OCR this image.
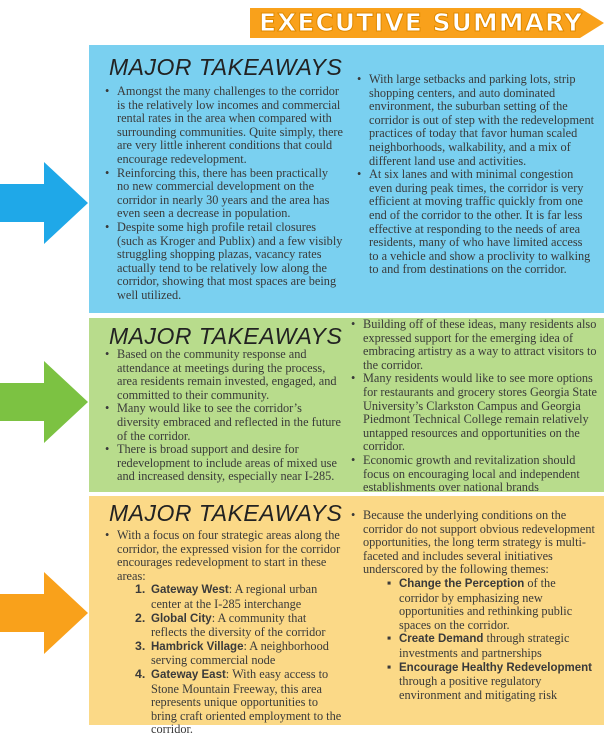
EXECUTIVE SUMMARY
MAJOR TAKEAWAYS
• Amongst the many challenges to the corridor is the relatively low incomes and commercial rental rates in the area when compared with surrounding communities. Quite simply, there are very little inherent conditions that could encourage redevelopment.
• Reinforcing this, there has been practically no new commercial development on the corridor in nearly 30 years and the area has even seen a decrease in population.
• Despite some high profile retail closures (such as Kroger and Publix) and a few visibly struggling shopping plazas, vacancy rates actually tend to be relatively low along the corridor, showing that most spaces are being well utilized.
• With large setbacks and parking lots, strip shopping centers, and auto dominated environment, the suburban setting of the corridor is out of step with the redevelopment practices of today that favor human scaled neighborhoods, walkability, and a mix of different land use and activities.
• At six lanes and with minimal congestion even during peak times, the corridor is very efficient at moving traffic quickly from one end of the corridor to the other. It is far less effective at responding to the needs of area residents, many of who have limited access to a vehicle and show a proclivity to walking to and from destinations on the corridor.
MAJOR TAKEAWAYS
• Based on the community response and attendance at meetings during the process, area residents remain invested, engaged, and committed to their community.
• Many would like to see the corridor’s diversity embraced and reflected in the future of the corridor.
• There is broad support and desire for redevelopment to include areas of mixed use and increased density, especially near I-285.
• Building off of these ideas, many residents also expressed support for the emerging idea of embracing artistry as a way to attract visitors to the corridor.
• Many residents would like to see more options for restaurants and grocery stores Georgia State University’s Clarkston Campus and Georgia Piedmont Technical College remain relatively untapped resources and opportunities on the corridor.
• Economic growth and revitalization should focus on encouraging local and independent establishments over national brands
MAJOR TAKEAWAYS
• With a focus on four strategic areas along the corridor, the expressed vision for the corridor encourages redevelopment to start in these areas:
1. Gateway West: A regional urban center at the I-285 interchange
2. Global City: A community that reflects the diversity of the corridor
3. Hambrick Village: A neighborhood serving commercial node
4. Gateway East: With easy access to Stone Mountain Freeway, this area represents unique opportunities to bring craft oriented employment to the corridor.
• Because the underlying conditions on the corridor do not support obvious redevelopment opportunities, the long term strategy is multi-faceted and includes several initiatives underscored by the following themes:
▪ Change the Perception of the corridor by emphasizing new opportunities and rethinking public spaces on the corridor.
▪ Create Demand through strategic investments and partnerships
▪ Encourage Healthy Redevelopment through a positive regulatory environment and mitigating risk
